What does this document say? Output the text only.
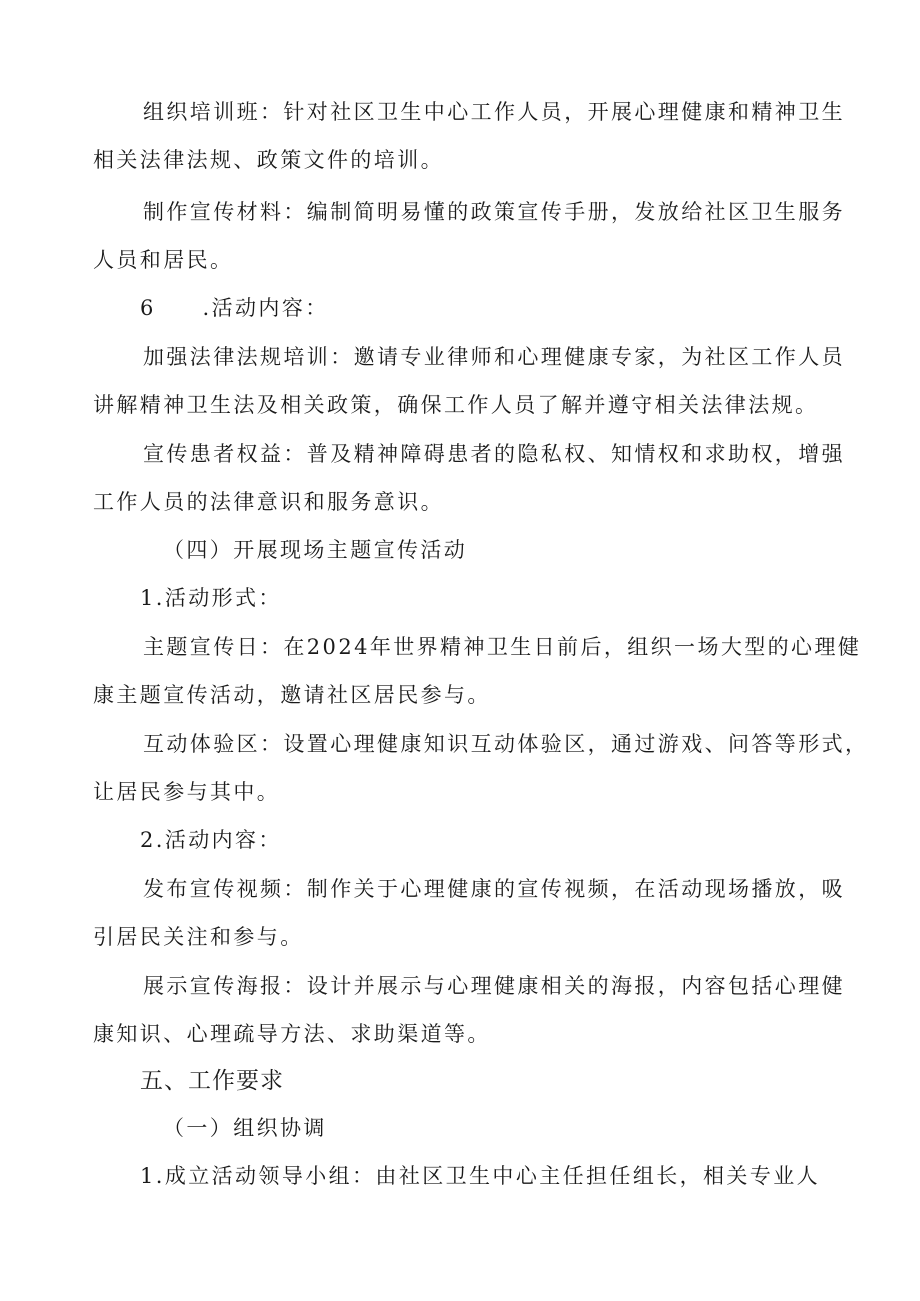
组织培训班：针对社区卫生中心工作人员，开展心理健康和精神卫生
相关法律法规、政策文件的培训。
制作宣传材料：编制简明易懂的政策宣传手册，发放给社区卫生服务
人员和居民。
6　　.活动内容：
加强法律法规培训：邀请专业律师和心理健康专家，为社区工作人员
讲解精神卫生法及相关政策，确保工作人员了解并遵守相关法律法规。
宣传患者权益：普及精神障碍患者的隐私权、知情权和求助权，增强
工作人员的法律意识和服务意识。
（四）开展现场主题宣传活动
1.活动形式：
主题宣传日：在2024年世界精神卫生日前后，组织一场大型的心理健
康主题宣传活动，邀请社区居民参与。
互动体验区：设置心理健康知识互动体验区，通过游戏、问答等形式，
让居民参与其中。
2.活动内容：
发布宣传视频：制作关于心理健康的宣传视频，在活动现场播放，吸
引居民关注和参与。
展示宣传海报：设计并展示与心理健康相关的海报，内容包括心理健
康知识、心理疏导方法、求助渠道等。
五、工作要求
（一）组织协调
1.成立活动领导小组：由社区卫生中心主任担任组长，相关专业人
